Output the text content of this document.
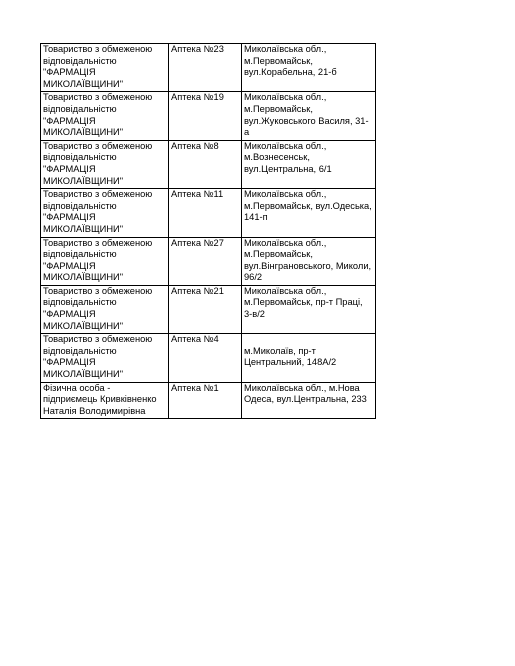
Товариство з обмеженою відповідальністю "ФАРМАЦІЯ МИКОЛАЇВЩИНИ"	Аптека №23	Миколаївська обл., м.Первомайськ, вул.Корабельна, 21-б

Товариство з обмеженою відповідальністю "ФАРМАЦІЯ МИКОЛАЇВЩИНИ"	Аптека №19	Миколаївська обл., м.Первомайськ, вул.Жуковського Василя, 31-а

Товариство з обмеженою відповідальністю "ФАРМАЦІЯ МИКОЛАЇВЩИНИ"	Аптека №8	Миколаївська обл., м.Вознесенськ, вул.Центральна, 6/1

Товариство з обмеженою відповідальністю "ФАРМАЦІЯ МИКОЛАЇВЩИНИ"	Аптека №11	Миколаївська обл., м.Первомайськ, вул.Одеська, 141-п

Товариство з обмеженою відповідальністю "ФАРМАЦІЯ МИКОЛАЇВЩИНИ"	Аптека №27	Миколаївська обл., м.Первомайськ, вул.Вінграновського, Миколи, 96/2

Товариство з обмеженою відповідальністю "ФАРМАЦІЯ МИКОЛАЇВЩИНИ"	Аптека №21	Миколаївська обл., м.Первомайськ, пр-т Праці, 3-в/2

Товариство з обмеженою відповідальністю "ФАРМАЦІЯ МИКОЛАЇВЩИНИ"	Аптека №4	м.Миколаїв, пр-т Центральний, 148А/2

Фізична особа - підприємець Кривківненко Наталія Володимирівна	Аптека №1	Миколаївська обл., м.Нова Одеса, вул.Центральна, 233
